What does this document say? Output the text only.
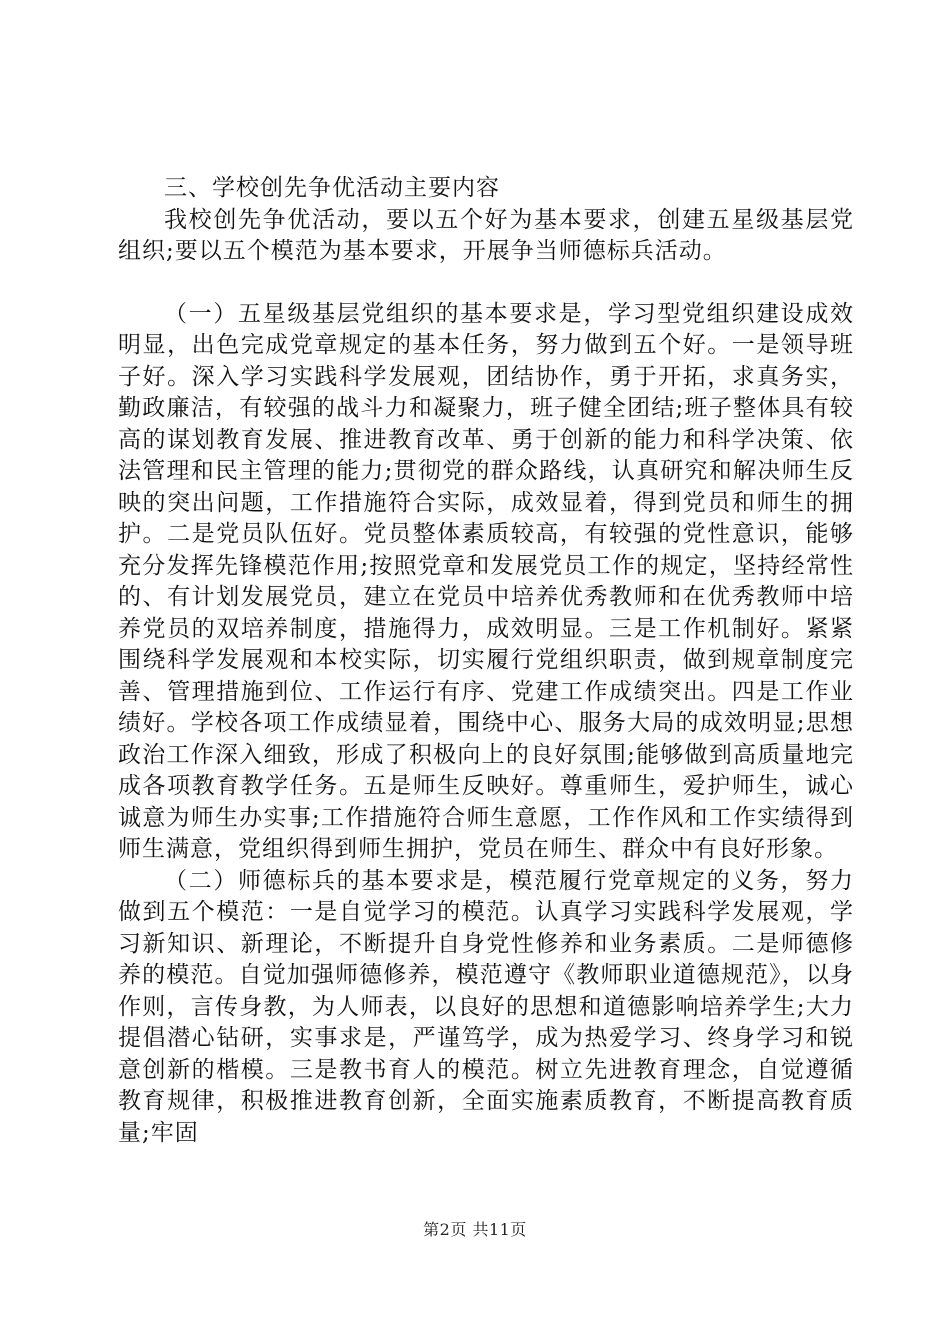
三、学校创先争优活动主要内容

我校创先争优活动，要以五个好为基本要求，创建五星级基层党组织;要以五个模范为基本要求，开展争当师德标兵活动。

（一）五星级基层党组织的基本要求是，学习型党组织建设成效明显，出色完成党章规定的基本任务，努力做到五个好。一是领导班子好。深入学习实践科学发展观，团结协作，勇于开拓，求真务实，勤政廉洁，有较强的战斗力和凝聚力，班子健全团结;班子整体具有较高的谋划教育发展、推进教育改革、勇于创新的能力和科学决策、依法管理和民主管理的能力;贯彻党的群众路线，认真研究和解决师生反映的突出问题，工作措施符合实际，成效显着，得到党员和师生的拥护。二是党员队伍好。党员整体素质较高，有较强的党性意识，能够充分发挥先锋模范作用;按照党章和发展党员工作的规定，坚持经常性的、有计划发展党员，建立在党员中培养优秀教师和在优秀教师中培养党员的双培养制度，措施得力，成效明显。三是工作机制好。紧紧围绕科学发展观和本校实际，切实履行党组织职责，做到规章制度完善、管理措施到位、工作运行有序、党建工作成绩突出。四是工作业绩好。学校各项工作成绩显着，围绕中心、服务大局的成效明显;思想政治工作深入细致，形成了积极向上的良好氛围;能够做到高质量地完成各项教育教学任务。五是师生反映好。尊重师生，爱护师生，诚心诚意为师生办实事;工作措施符合师生意愿，工作作风和工作实绩得到师生满意，党组织得到师生拥护，党员在师生、群众中有良好形象。

（二）师德标兵的基本要求是，模范履行党章规定的义务，努力做到五个模范：一是自觉学习的模范。认真学习实践科学发展观，学习新知识、新理论，不断提升自身党性修养和业务素质。二是师德修养的模范。自觉加强师德修养，模范遵守《教师职业道德规范》，以身作则，言传身教，为人师表，以良好的思想和道德影响培养学生;大力提倡潜心钻研，实事求是，严谨笃学，成为热爱学习、终身学习和锐意创新的楷模。三是教书育人的模范。树立先进教育理念，自觉遵循教育规律，积极推进教育创新，全面实施素质教育，不断提高教育质量;牢固

第2页 共11页
